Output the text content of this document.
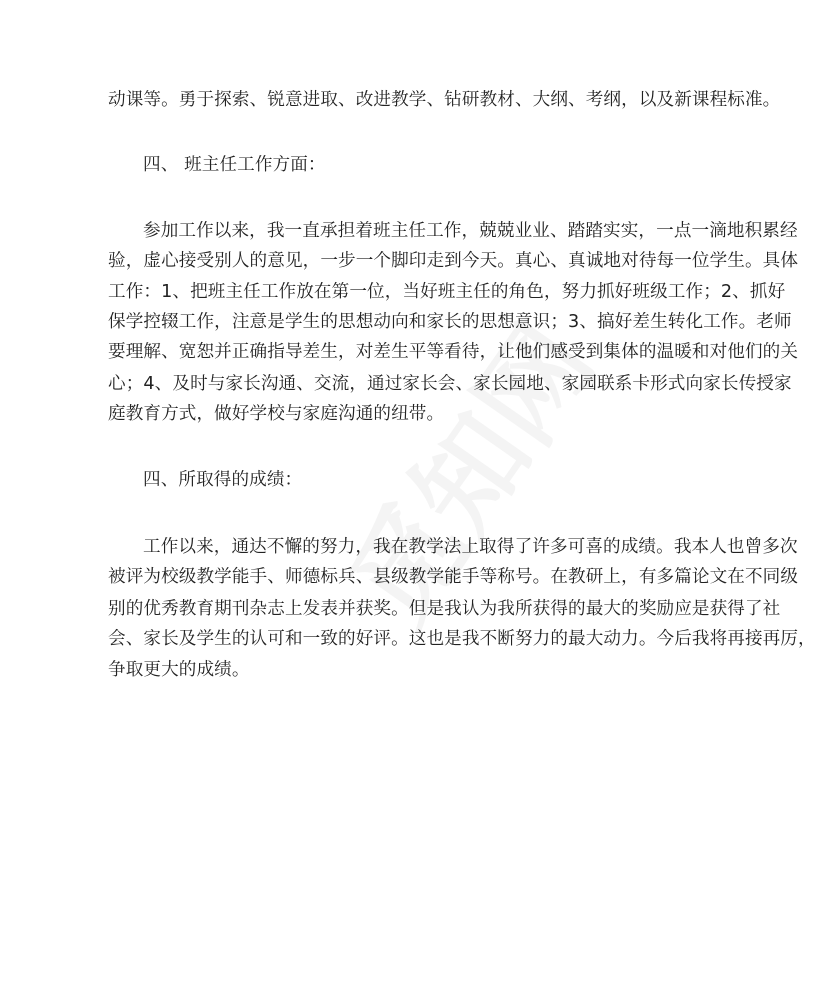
动课等。勇于探索、锐意进取、改进教学、钻研教材、大纲、考纲，以及新课程标准。
四、 班主任工作方面：
参加工作以来，我一直承担着班主任工作，兢兢业业、踏踏实实，一点一滴地积累经
验，虚心接受别人的意见，一步一个脚印走到今天。真心、真诚地对待每一位学生。具体
工作：1、把班主任工作放在第一位，当好班主任的角色，努力抓好班级工作；2、抓好
保学控辍工作，注意是学生的思想动向和家长的思想意识；3、搞好差生转化工作。老师
要理解、宽恕并正确指导差生，对差生平等看待，让他们感受到集体的温暖和对他们的关
心；4、及时与家长沟通、交流，通过家长会、家长园地、家园联系卡形式向家长传授家
庭教育方式，做好学校与家庭沟通的纽带。
四、所取得的成绩：
工作以来，通达不懈的努力，我在教学法上取得了许多可喜的成绩。我本人也曾多次
被评为校级教学能手、师德标兵、县级教学能手等称号。在教研上，有多篇论文在不同级
别的优秀教育期刊杂志上发表并获奖。但是我认为我所获得的最大的奖励应是获得了社
会、家长及学生的认可和一致的好评。这也是我不断努力的最大动力。今后我将再接再厉，
争取更大的成绩。
